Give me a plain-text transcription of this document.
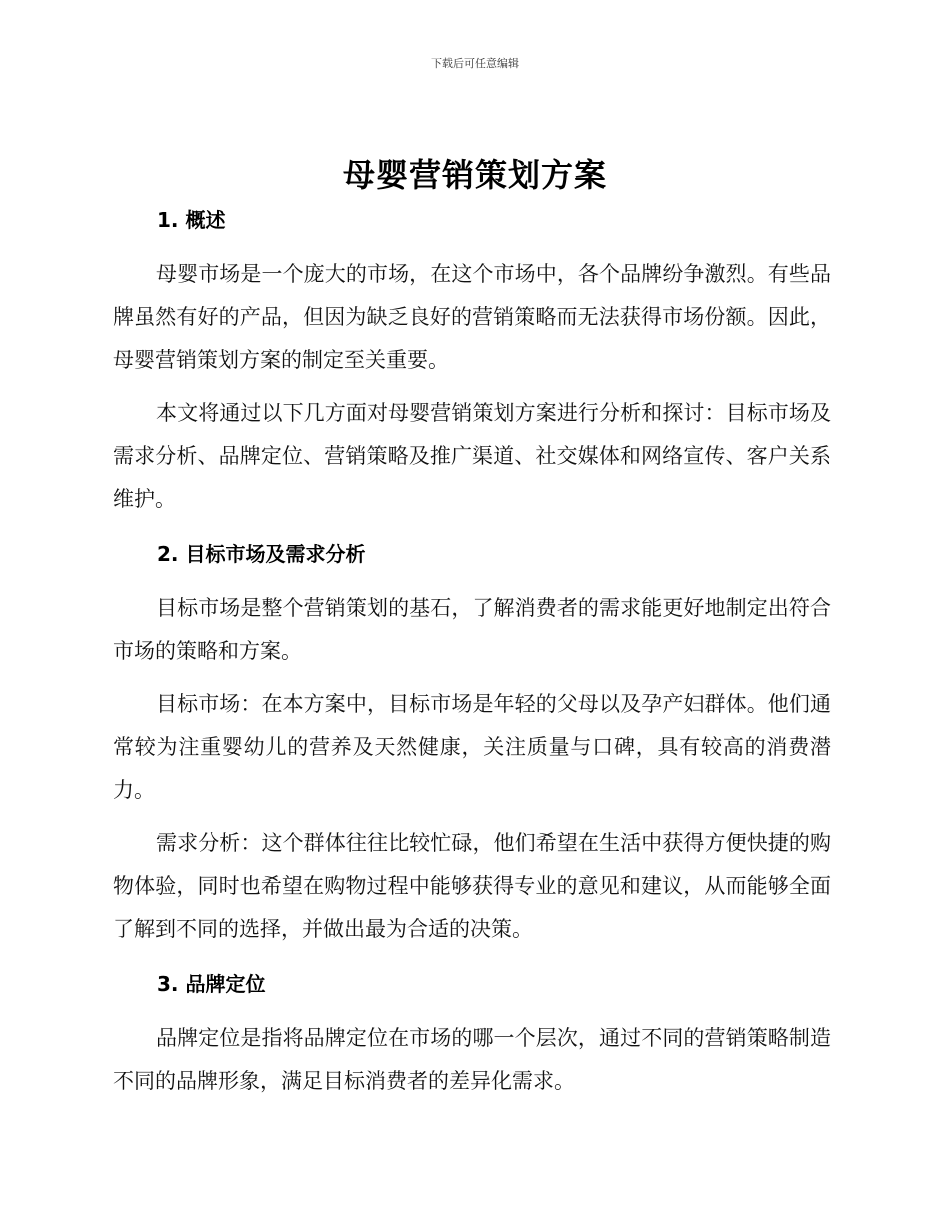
下载后可任意编辑
母婴营销策划方案
1. 概述

母婴市场是一个庞大的市场，在这个市场中，各个品牌纷争激烈。有些品牌虽然有好的产品，但因为缺乏良好的营销策略而无法获得市场份额。因此，母婴营销策划方案的制定至关重要。

本文将通过以下几方面对母婴营销策划方案进行分析和探讨：目标市场及需求分析、品牌定位、营销策略及推广渠道、社交媒体和网络宣传、客户关系维护。

2. 目标市场及需求分析

目标市场是整个营销策划的基石，了解消费者的需求能更好地制定出符合市场的策略和方案。

目标市场：在本方案中，目标市场是年轻的父母以及孕产妇群体。他们通常较为注重婴幼儿的营养及天然健康，关注质量与口碑，具有较高的消费潜力。

需求分析：这个群体往往比较忙碌，他们希望在生活中获得方便快捷的购物体验，同时也希望在购物过程中能够获得专业的意见和建议，从而能够全面了解到不同的选择，并做出最为合适的决策。

3. 品牌定位

品牌定位是指将品牌定位在市场的哪一个层次，通过不同的营销策略制造不同的品牌形象，满足目标消费者的差异化需求。
